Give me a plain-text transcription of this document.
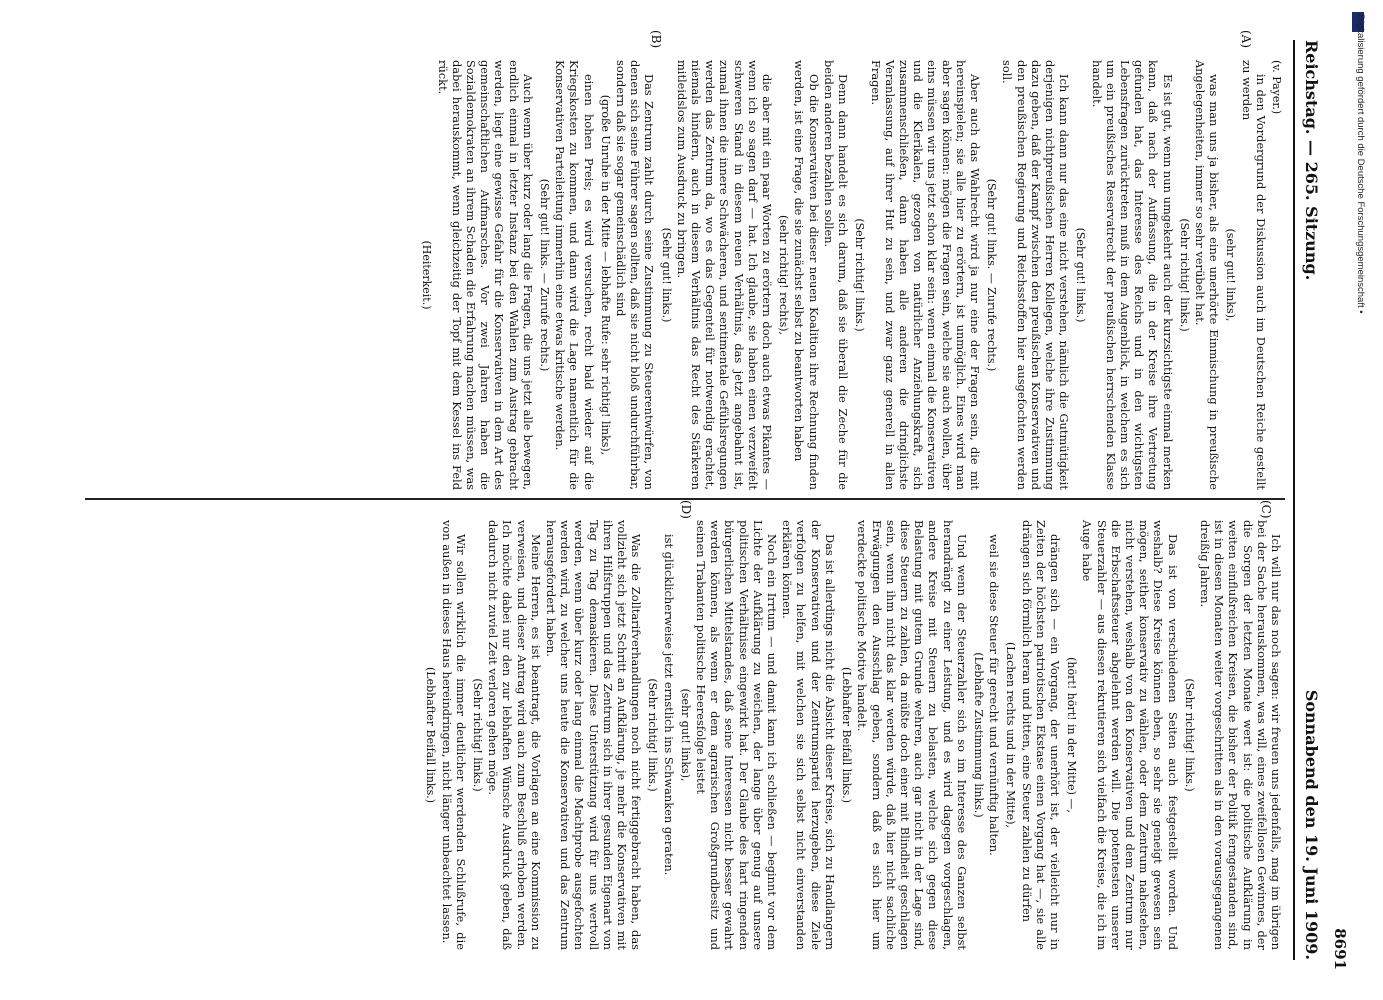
Reichstag. — 265. Sitzung.
Sonnabend den 19. Juni 1909. 8691
(A)
(B)
(C)
(D)

(v. Payer.)

in den Vordergrund der Diskussion auch im Deutschen Reiche gestellt zu werden

(sehr gut! links),

was man uns ja bisher, als eine unerhörte Einmischung in preußische Angelegenheiten, immer so sehr verübelt hat.

(Sehr richtig! links.)

Es ist gut, wenn nun umgekehrt auch der kurzsichtigste einmal merken kann, daß nach der Auffassung, die in der Kreise ihre Vertretung gefunden hat, das Interesse des Reichs und in den wichtigsten Lebensfragen zurücktreten muß in dem Augenblick, in welchem es sich um ein preußisches Reservatrecht der preußischen herrschenden Klasse handelt.

(Sehr gut! links.)

Ich kann dann nur das eine nicht verstehen, nämlich die Gutmütigkeit derjenigen nichtpreußischen Herren Kollegen, welche ihre Zustimmung dazu geben, daß der Kampf zwischen den preußischen Konservativen und den preußischen Regierung und Reichsstoffen hier ausgefochten werden soll.

(Sehr gut! links. — Zurufe rechts.)

Aber auch das Wahlrecht wird ja nur eine der Fragen sein, die mit hereinspielen; sie alle hier zu erörtern, ist unmöglich. Eines wird man aber sagen können: mögen die Fragen sein, welche sie auch wollen, über eins müssen wir uns jetzt schon klar sein: wenn einmal die Konservativen und die Klerikalen, gezogen von natürlicher Anziehungskraft, sich zusammenschließen, dann haben alle anderen die dringlichste Veranlassung, auf ihrer Hut zu sein, und zwar ganz generell in allen Fragen.

(Sehr richtig! links.)

Denn dann handelt es sich darum, daß sie überall die Zeche für die beiden anderen bezahlen sollen.

Ob die Konservativen bei dieser neuen Koalition ihre Rechnung finden werden, ist eine Frage, die sie zunächst selbst zu beantworten haben

(sehr richtig! rechts),

die aber mit ein paar Worten zu erörtern doch auch etwas Pikantes — wenn ich so sagen darf — hat. Ich glaube, sie haben einen verzweifelt schweren Stand in diesem neuen Verhältnis, das jetzt angebahnt ist, zumal ihnen die innere Schwächeren, und sentimentale Gefühlsregungen werden das Zentrum da, wo es das Gegenteil für notwendig erachtet, niemals hindern, auch in diesem Verhältnis das Recht des Stärkeren mitleidslos zum Ausdruck zu bringen.

(Sehr gut! links.)

Das Zentrum zahlt durch seine Zustimmung zu Steuerentwürfen, von denen sich seine Führer sagen sollten, daß sie nicht bloß undurchführbar, sondern daß sie sogar gemeinschädlich sind

(große Unruhe in der Mitte — lebhafte Rufe: sehr richtig! links),

einen hohen Preis; es wird versuchen, recht bald wieder auf die Kriegskosten zu kommen, und dann wird die Lage namentlich für die Konservativen Parteileitung immerhin eine etwas kritische werden.

(Sehr gut! links. — Zurufe rechts.)

Auch wenn über kurz oder lang die Fragen, die uns jetzt alle bewegen, endlich einmal in letzter Instanz bei den Wahlen zum Austrag gebracht werden, liegt eine gewisse Gefahr für die Konservativen in dem Art des gemeinschaftlichen Aufmarsches. Vor zwei Jahren haben die Sozialdemokraten an ihrem Schaden die Erfahrung machen müssen, was dabei herauskommt, wenn gleichzeitig der Topf mit dem Kessel ins Feld rückt.

(Heiterkeit.)

Ich will nur das noch sagen: wir freuen uns jedenfalls, mag im übrigen bei der Sache herauskommen, was will, eines zweifellosen Gewinnes, der die Sorgen der letzten Monate wert ist: die politische Aufklärung in weiten einflußreichen Kreisen, die bisher der Politik ferngestanden sind, ist in diesen Monaten weiter vorgeschritten als in den vorausgegangenen dreißig Jahren.

(Sehr richtig! links.)

Das ist von verschiedenen Seiten auch festgestellt worden. Und weshalb? Diese Kreise können eben, so sehr sie geneigt gewesen sein mögen, seither konservativ zu wählen, oder dem Zentrum nahestehen, nicht verstehen, weshalb von den Konservativen und dem Zentrum nur die Erbschaftssteuer abgelehnt werden will. Die potentesten unserer Steuerzahler — aus diesen rekrutieren sich vielfach die Kreise, die ich im Auge habe

(hört! hört! in der Mitte) —,

drängen sich — ein Vorgang, der unerhört ist, der vielleicht nur in Zeiten der höchsten patriotischen Ekstase einen Vorgang hat —, sie alle drängen sich förmlich heran und bitten, eine Steuer zahlen zu dürfen

(Lachen rechts und in der Mitte),

weil sie diese Steuer für gerecht und vernünftig halten.

(Lebhafte Zustimmung links.)

Und wenn der Steuerzahler sich so im Interesse des Ganzen selbst herandrängt zu einer Leistung, und es wird dagegen vorgeschlagen, andere Kreise mit Steuern zu belasten, welche sich gegen diese Belastung mit gutem Grunde wehren, auch gar nicht in der Lage sind, diese Steuern zu zahlen, da müßte doch einer mit Blindheit geschlagen sein, wenn ihm nicht das klar werden würde, daß hier nicht sachliche Erwägungen den Ausschlag geben, sondern daß es sich hier um verdeckte politische Motive handelt.

(Lebhafter Beifall links.)

Das ist allerdings nicht die Absicht dieser Kreise, sich zu Handlangern der Konservativen und der Zentrumspartei herzugeben, diese Ziele verfolgen zu helfen, mit welchen sie sich selbst nicht einverstanden erklären können.

Noch ein Irrtum — und damit kann ich schließen — beginnt vor dem Lichte der Aufklärung zu weichen, der lange über genug auf unsere politischen Verhältnisse eingewirkt hat. Der Glaube des hart ringenden bürgerlichen Mittelstandes, daß seine Interessen nicht besser gewahrt werden können, als wenn er dem agrarischen Großgrundbesitz und seinen Trabanten politische Heeresfolge leistet

(sehr gut! links),

ist glücklicherweise jetzt ernstlich ins Schwanken geraten.

(Sehr richtig! links.)

Was die Zolltarifverhandlungen noch nicht fertiggebracht haben, das vollzieht sich jetzt Schritt an Aufklärung, je mehr die Konservativen mit ihren Hilfstruppen und das Zentrum sich in ihrer gesunden Eigenart von Tag zu Tag demaskieren. Diese Unterstützung wird für uns wertvoll werden, wenn über kurz oder lang einmal die Machtprobe ausgefochten werden wird, zu welcher uns heute die Konservativen und das Zentrum herausgefordert haben.

Meine Herren, es ist beantragt, die Vorlagen an eine Kommission zu verweisen, und dieser Antrag wird auch zum Beschluß erhoben werden. Ich möchte dabei nur den zur lebhaften Wünsche Ausdruck geben, daß dadurch nicht zuviel Zeit verloren gehen möge.

(Sehr richtig! links.)

Wir sollen wirklich die immer deutlicher werdenden Schlußrufe, die von außen in dieses Haus hereindringen, nicht länger unbeachtet lassen.

(Lebhafter Beifall links.)

Digitalisierung gefördert durch die Deutsche Forschungsgemeinschaft •
